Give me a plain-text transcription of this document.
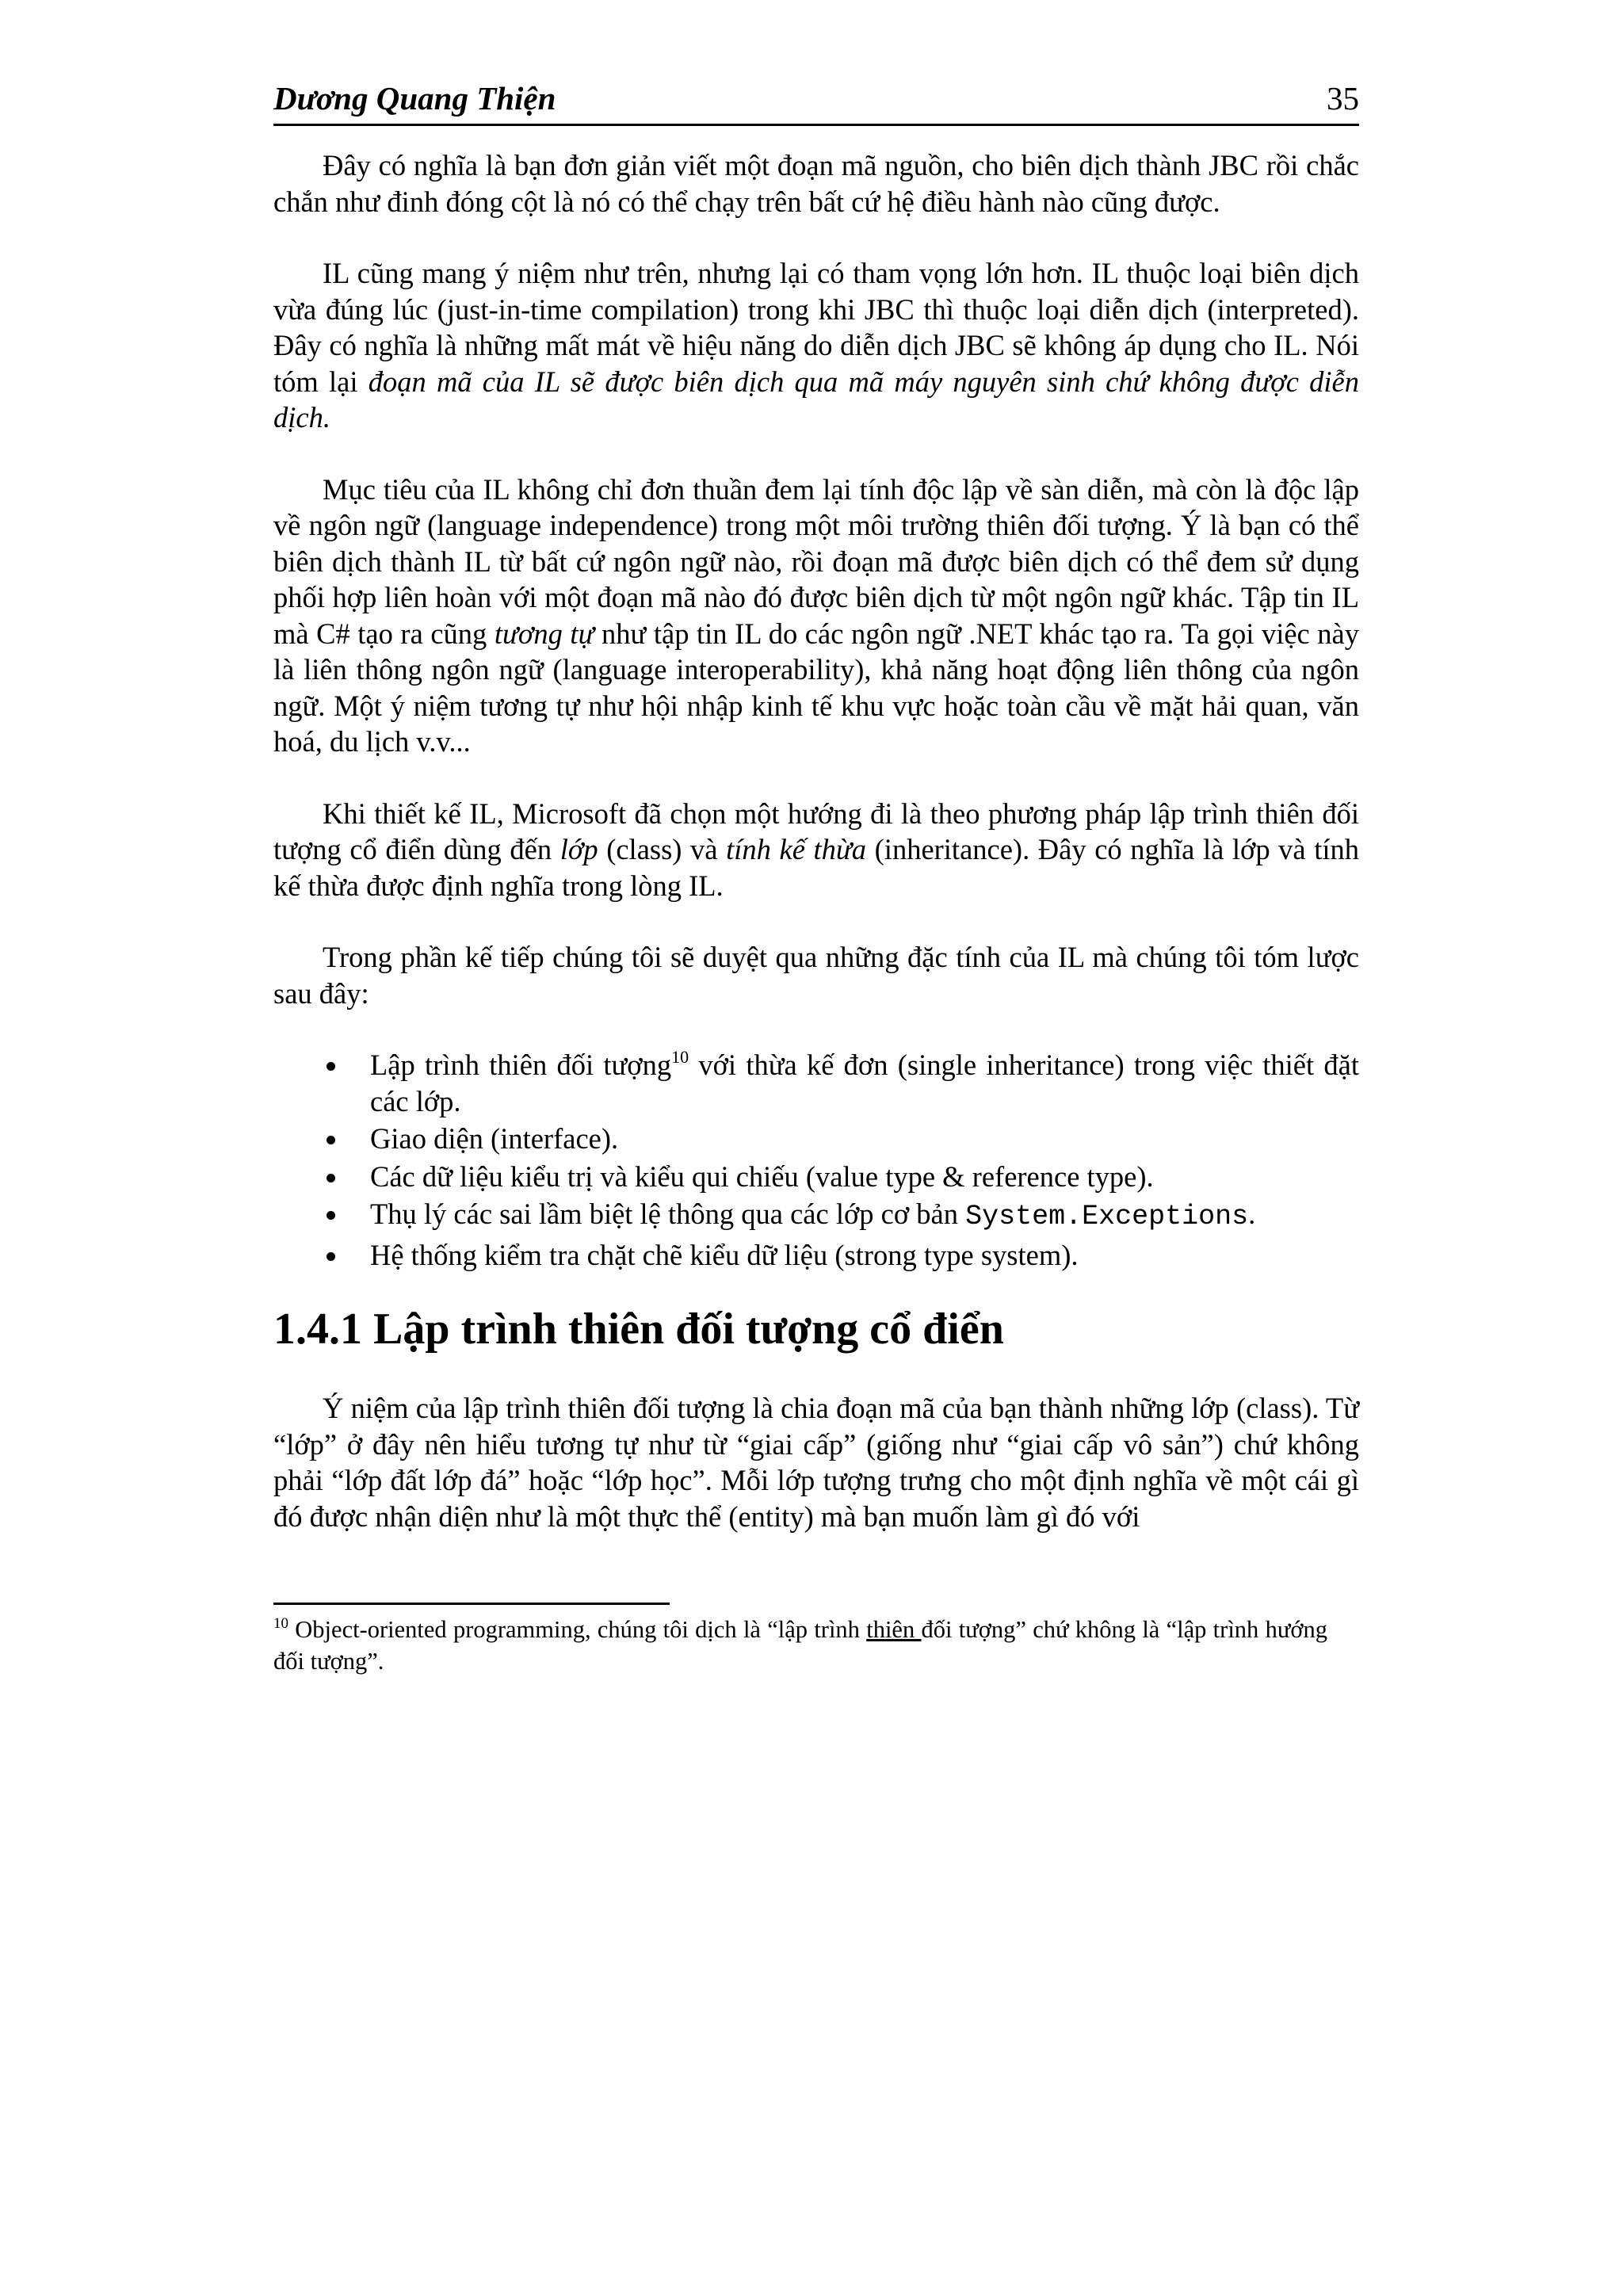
Dương Quang Thiện	35

Đây có nghĩa là bạn đơn giản viết một đoạn mã nguồn, cho biên dịch thành JBC rồi chắc chắn như đinh đóng cột là nó có thể chạy trên bất cứ hệ điều hành nào cũng được.

IL cũng mang ý niệm như trên, nhưng lại có tham vọng lớn hơn. IL thuộc loại biên dịch vừa đúng lúc (just-in-time compilation) trong khi JBC thì thuộc loại diễn dịch (interpreted). Đây có nghĩa là những mất mát về hiệu năng do diễn dịch JBC sẽ không áp dụng cho IL. Nói tóm lại đoạn mã của IL sẽ được biên dịch qua mã máy nguyên sinh chứ không được diễn dịch.

Mục tiêu của IL không chỉ đơn thuần đem lại tính độc lập về sàn diễn, mà còn là độc lập về ngôn ngữ (language independence) trong một môi trường thiên đối tượng. Ý là bạn có thể biên dịch thành IL từ bất cứ ngôn ngữ nào, rồi đoạn mã được biên dịch có thể đem sử dụng phối hợp liên hoàn với một đoạn mã nào đó được biên dịch từ một ngôn ngữ khác. Tập tin IL mà C# tạo ra cũng tương tự như tập tin IL do các ngôn ngữ .NET khác tạo ra. Ta gọi việc này là liên thông ngôn ngữ (language interoperability), khả năng hoạt động liên thông của ngôn ngữ. Một ý niệm tương tự như hội nhập kinh tế khu vực hoặc toàn cầu về mặt hải quan, văn hoá, du lịch v.v...

Khi thiết kế IL, Microsoft đã chọn một hướng đi là theo phương pháp lập trình thiên đối tượng cổ điển dùng đến lớp (class) và tính kế thừa (inheritance). Đây có nghĩa là lớp và tính kế thừa được định nghĩa trong lòng IL.

Trong phần kế tiếp chúng tôi sẽ duyệt qua những đặc tính của IL mà chúng tôi tóm lược sau đây:

Lập trình thiên đối tượng$^{10}$ với thừa kế đơn (single inheritance) trong việc thiết đặt các lớp.
Giao diện (interface).
Các dữ liệu kiểu trị và kiểu qui chiếu (value type & reference type).
Thụ lý các sai lầm biệt lệ thông qua các lớp cơ bản System.Exceptions.
Hệ thống kiểm tra chặt chẽ kiểu dữ liệu (strong type system).
1.4.1 Lập trình thiên đối tượng cổ điển

Ý niệm của lập trình thiên đối tượng là chia đoạn mã của bạn thành những lớp (class). Từ “lớp” ở đây nên hiểu tương tự như từ “giai cấp” (giống như “giai cấp vô sản”) chứ không phải “lớp đất lớp đá” hoặc “lớp học”. Mỗi lớp tượng trưng cho một định nghĩa về một cái gì đó được nhận diện như là một thực thể (entity) mà bạn muốn làm gì đó với

$^{10}$ Object-oriented programming, chúng tôi dịch là “lập trình thiên đối tượng” chứ không là “lập trình hướng đối tượng”.
